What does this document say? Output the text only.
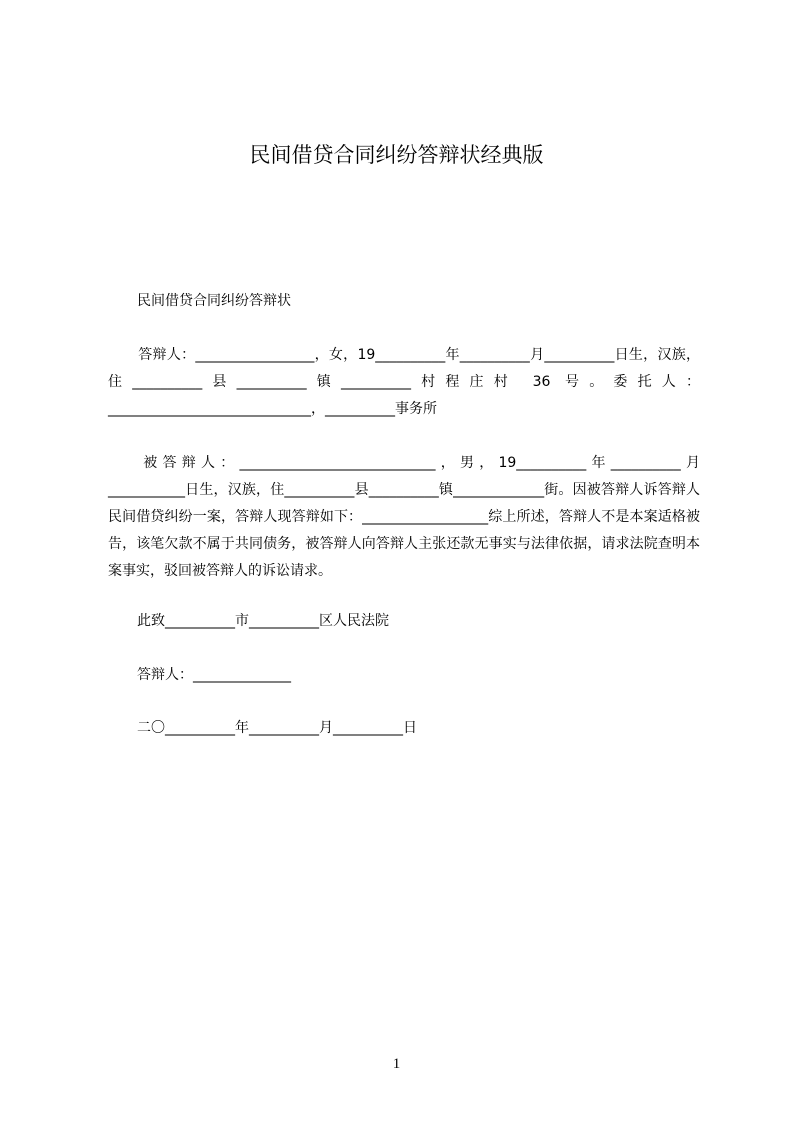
民间借贷合同纠纷答辩状经典版
民间借贷合同纠纷答辩状
答辩人：_________________，女，19__________年__________月__________日生，汉族，住__________县__________镇__________村程庄村 36 号。委托人：_____________________________，__________事务所
被答辩人：____________________________，男，19__________年__________月___________日生，汉族，住__________县__________镇_____________街。因被答辩人诉答辩人民间借贷纠纷一案，答辩人现答辩如下：__________________综上所述，答辩人不是本案适格被告，该笔欠款不属于共同债务，被答辩人向答辩人主张还款无事实与法律依据，请求法院查明本案事实，驳回被答辩人的诉讼请求。
此致__________市__________区人民法院
答辩人：______________
二〇__________年__________月__________日
1
